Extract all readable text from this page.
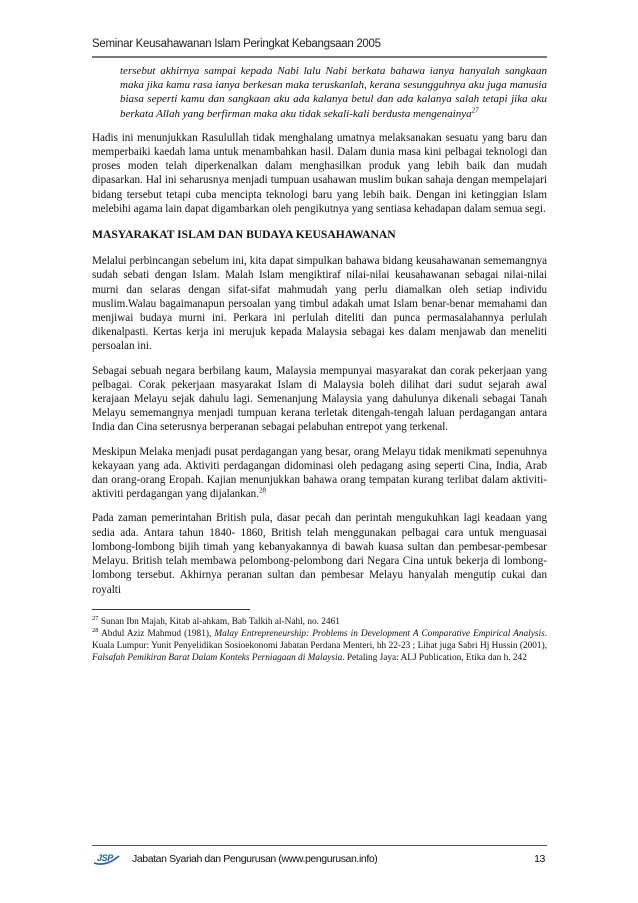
Seminar Keusahawanan Islam Peringkat Kebangsaan 2005

tersebut akhirnya sampai kepada Nabi lalu Nabi berkata bahawa ianya hanyalah sangkaan maka jika kamu rasa ianya berkesan maka teruskanlah, kerana sesungguhnya aku juga manusia biasa seperti kamu dan sangkaan aku ada kalanya betul dan ada kalanya salah tetapi jika aku berkata Allah yang berfirman maka aku tidak sekali-kali berdusta mengenainya$^{27}$

Hadis ini menunjukkan Rasulullah tidak menghalang umatnya melaksanakan sesuatu yang baru dan memperbaiki kaedah lama untuk menambahkan hasil. Dalam dunia masa kini pelbagai teknologi dan proses moden telah diperkenalkan dalam menghasilkan produk yang lebih baik dan mudah dipasarkan. Hal ini seharusnya menjadi tumpuan usahawan muslim bukan sahaja dengan mempelajari bidang tersebut tetapi cuba mencipta teknologi baru yang lebih baik. Dengan ini ketinggian Islam melebihi agama lain dapat digambarkan oleh pengikutnya yang sentiasa kehadapan dalam semua segi.

MASYARAKAT ISLAM DAN BUDAYA KEUSAHAWANAN

Melalui perbincangan sebelum ini, kita dapat simpulkan bahawa bidang keusahawanan sememangnya sudah sebati dengan Islam. Malah Islam mengiktiraf nilai-nilai keusahawanan sebagai nilai-nilai murni dan selaras dengan sifat-sifat mahmudah yang perlu diamalkan oleh setiap individu muslim.Walau bagaimanapun persoalan yang timbul adakah umat Islam benar-benar memahami dan menjiwai budaya murni ini. Perkara ini perlulah diteliti dan punca permasalahannya perlulah dikenalpasti. Kertas kerja ini merujuk kepada Malaysia sebagai kes dalam menjawab dan meneliti persoalan ini.

Sebagai sebuah negara berbilang kaum, Malaysia mempunyai masyarakat dan corak pekerjaan yang pelbagai. Corak pekerjaan masyarakat Islam di Malaysia boleh dilihat dari sudut sejarah awal kerajaan Melayu sejak dahulu lagi. Semenanjung Malaysia yang dahulunya dikenali sebagai Tanah Melayu sememangnya menjadi tumpuan kerana terletak ditengah-tengah laluan perdagangan antara India dan Cina seterusnya berperanan sebagai pelabuhan entrepot yang terkenal.

Meskipun Melaka menjadi pusat perdagangan yang besar, orang Melayu tidak menikmati sepenuhnya kekayaan yang ada. Aktiviti perdagangan didominasi oleh pedagang asing seperti Cina, India, Arab dan orang-orang Eropah. Kajian menunjukkan bahawa orang tempatan kurang terlibat dalam aktiviti-aktiviti perdagangan yang dijalankan.$^{28}$

Pada zaman pemerintahan British pula, dasar pecah dan perintah mengukuhkan lagi keadaan yang sedia ada. Antara tahun 1840- 1860, British telah menggunakan pelbagai cara untuk menguasai lombong-lombong bijih timah yang kebanyakannya di bawah kuasa sultan dan pembesar-pembesar Melayu. British telah membawa pelombong-pelombong dari Negara Cina untuk bekerja di lombong-lombong tersebut. Akhirnya peranan sultan dan pembesar Melayu hanyalah mengutip cukai dan royalti

$^{27}$ Sunan Ibn Majah, Kitab al-ahkam, Bab Talkih al-Nahl, no. 2461

$^{28}$ Abdul Aziz Mahmud (1981), Malay Entrepreneurship: Problems in Development A Comparative Empirical Analysis. Kuala Lumpur: Yunit Penyelidikan Sosioekonomi Jabatan Perdana Menteri, hh 22-23 ; Lihat juga Sabri Hj Hussin (2001), Falsafah Pemikiran Barat Dalam Konteks Perniagaan di Malaysia. Petaling Jaya: ALJ Publication, Etika dan h. 242

JSP Jabatan Syariah dan Pengurusan (www.pengurusan.info)	13
